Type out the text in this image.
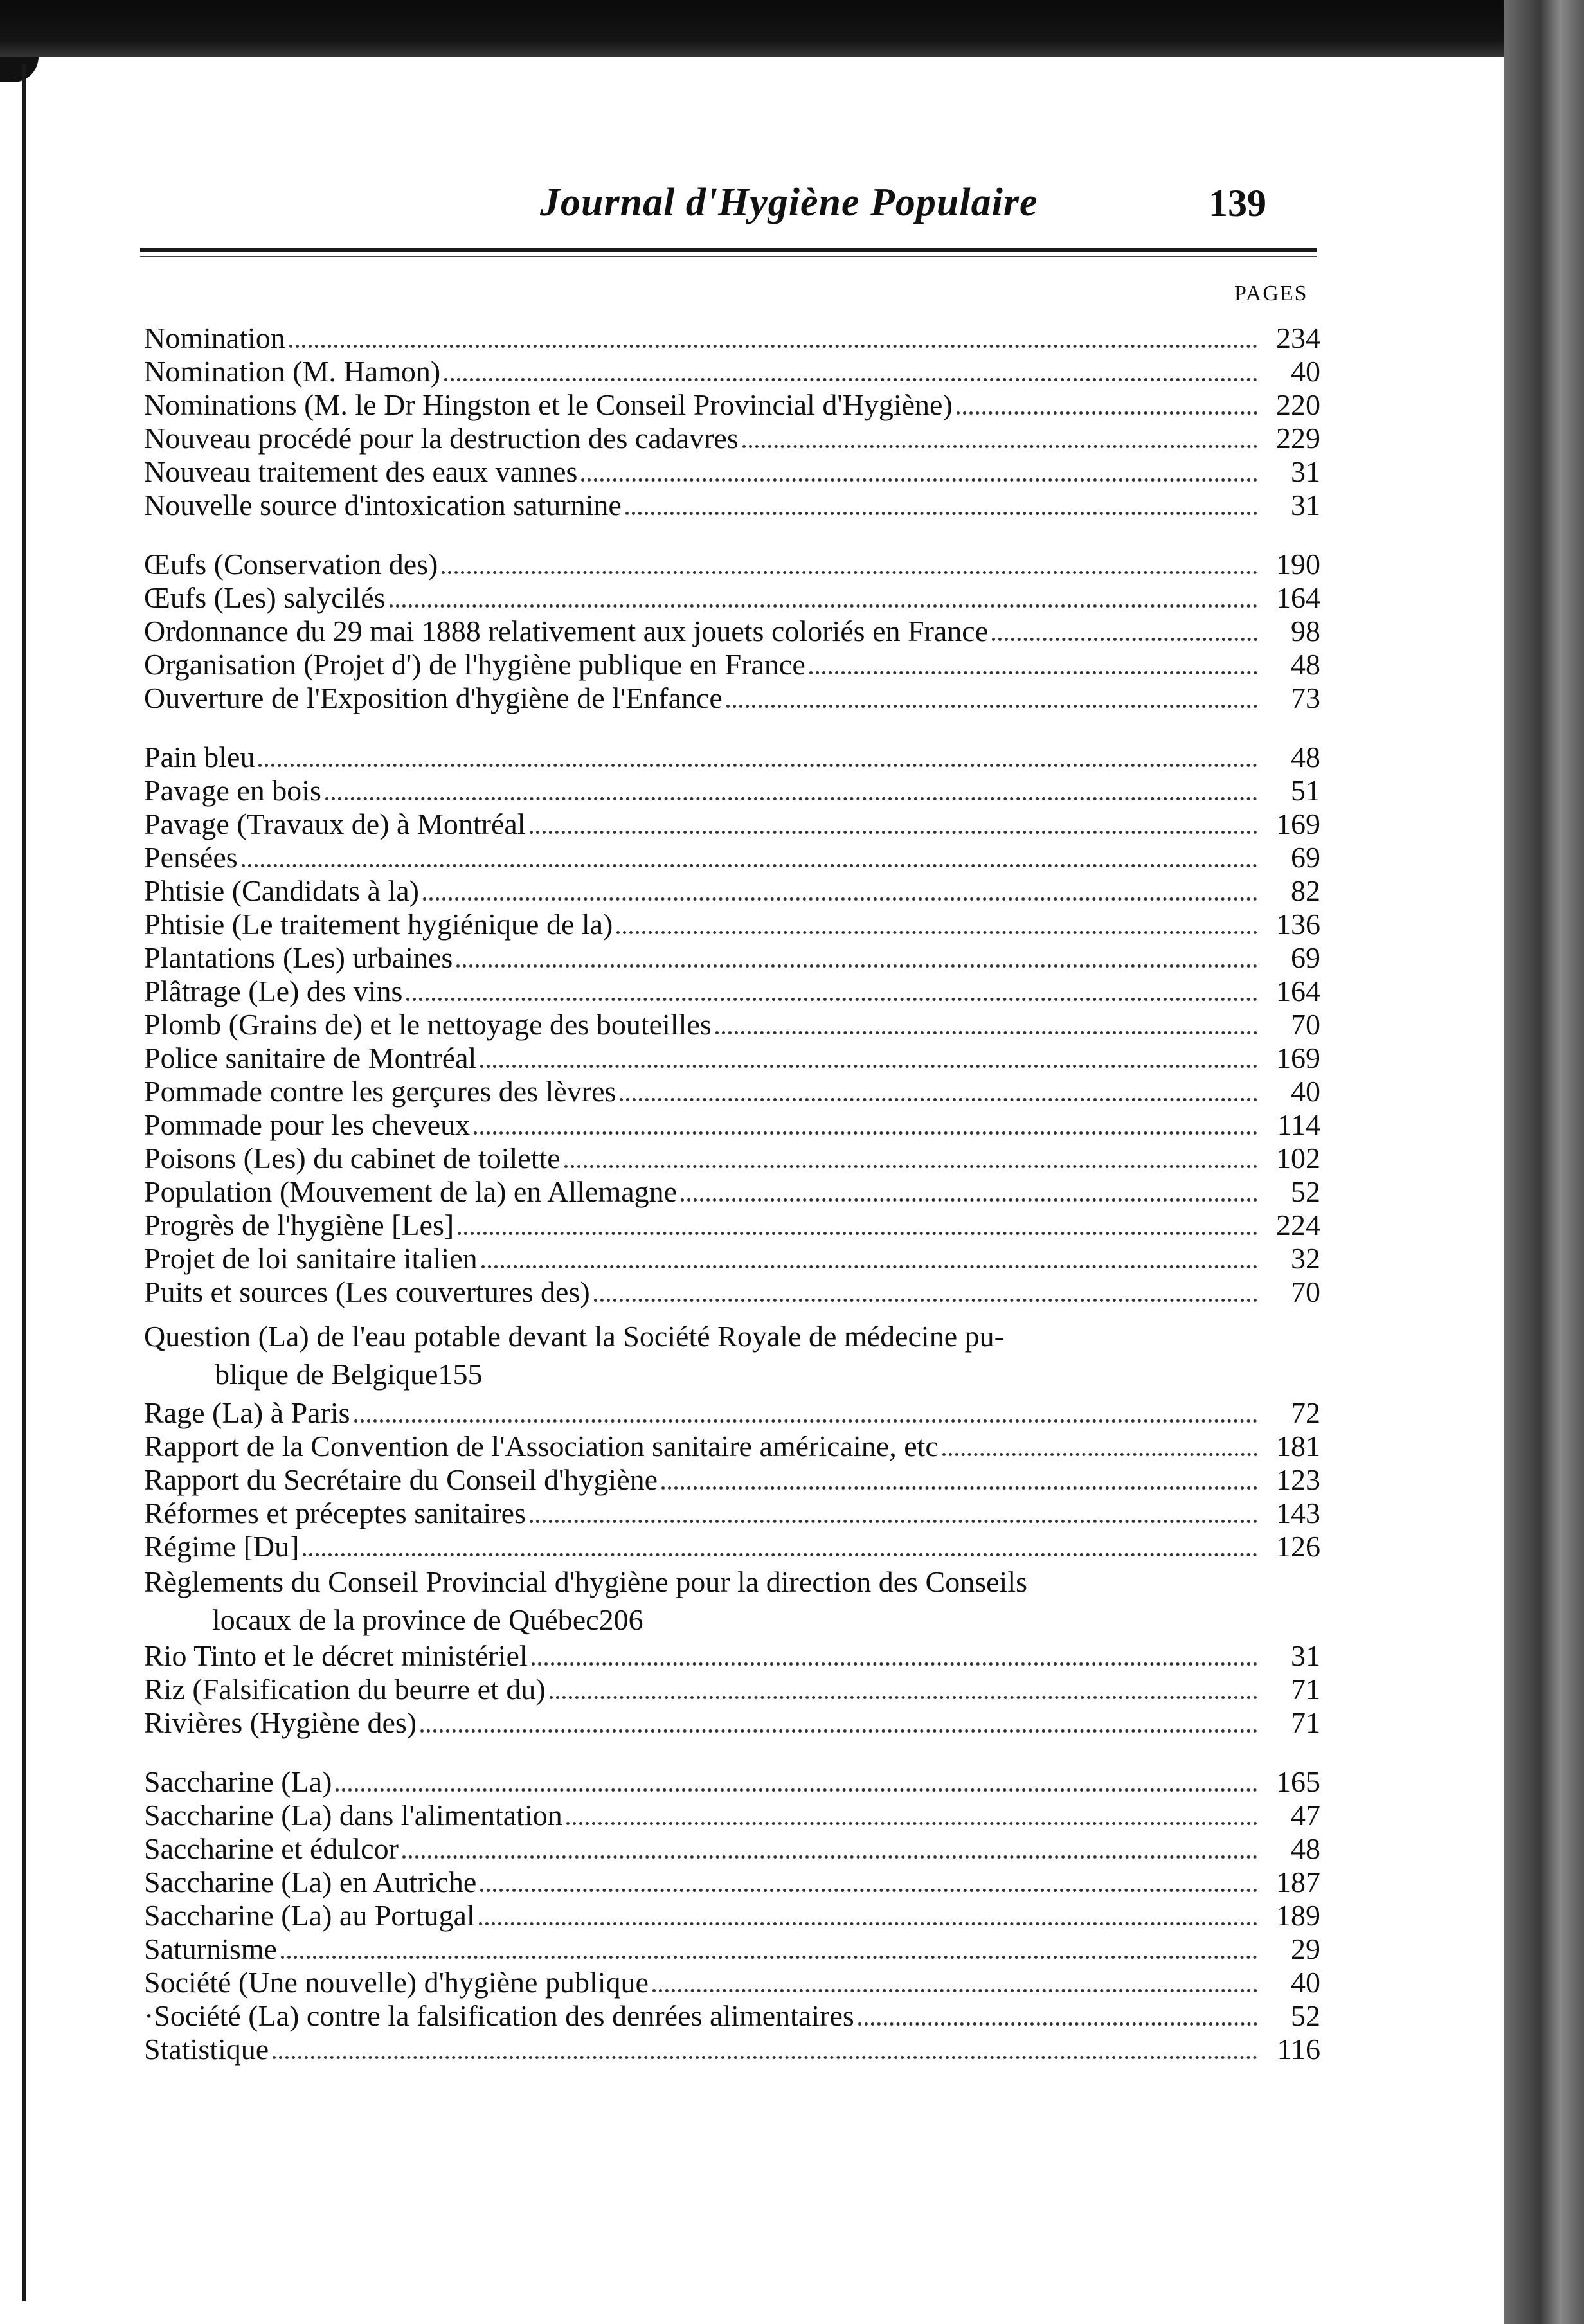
Journal d'Hygiène Populaire	139
PAGES
Nomination	234
Nomination (M. Hamon)	40
Nominations (M. le Dr Hingston et le Conseil Provincial d'Hygiène)	220
Nouveau procédé pour la destruction des cadavres	229
Nouveau traitement des eaux vannes	31
Nouvelle source d'intoxication saturnine	31
Œufs (Conservation des)	190
Œufs (Les) salycilés	164
Ordonnance du 29 mai 1888 relativement aux jouets coloriés en France	98
Organisation (Projet d') de l'hygiène publique en France	48
Ouverture de l'Exposition d'hygiène de l'Enfance	73
Pain bleu	48
Pavage en bois	51
Pavage (Travaux de) à Montréal	169
Pensées	69
Phtisie (Candidats à la)	82
Phtisie (Le traitement hygiénique de la)	136
Plantations (Les) urbaines	69
Plâtrage (Le) des vins	164
Plomb (Grains de) et le nettoyage des bouteilles	70
Police sanitaire de Montréal	169
Pommade contre les gerçures des lèvres	40
Pommade pour les cheveux	114
Poisons (Les) du cabinet de toilette	102
Population (Mouvement de la) en Allemagne	52
Progrès de l'hygiène [Les]	224
Projet de loi sanitaire italien	32
Puits et sources (Les couvertures des)	70
Question (La) de l'eau potable devant la Société Royale de médecine pu-
blique de Belgique 155
Rage (La) à Paris	72
Rapport de la Convention de l'Association sanitaire américaine, etc	181
Rapport du Secrétaire du Conseil d'hygiène	123
Réformes et préceptes sanitaires	143
Régime [Du]	126
Règlements du Conseil Provincial d'hygiène pour la direction des Conseils
locaux de la province de Québec 206
Rio Tinto et le décret ministériel	31
Riz (Falsification du beurre et du)	71
Rivières (Hygiène des)	71
Saccharine (La)	165
Saccharine (La) dans l'alimentation	47
Saccharine et édulcor	48
Saccharine (La) en Autriche	187
Saccharine (La) au Portugal	189
Saturnisme	29
Société (Une nouvelle) d'hygiène publique	40
·Société (La) contre la falsification des denrées alimentaires	52
Statistique	116
